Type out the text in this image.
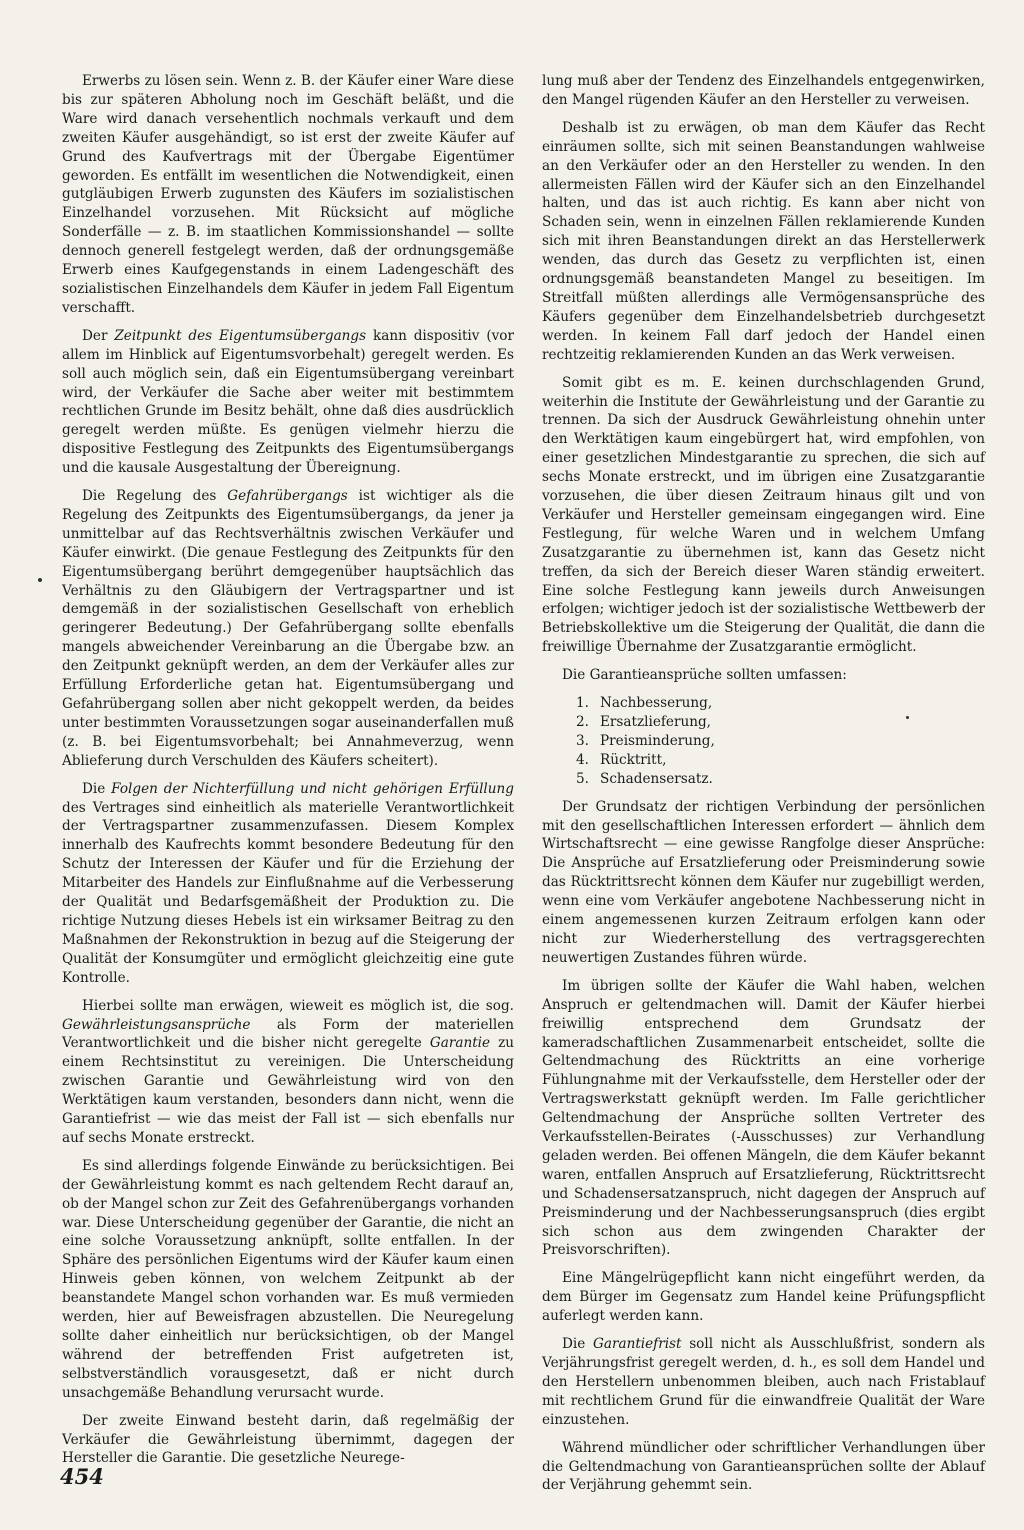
Erwerbs zu lösen sein. Wenn z. B. der Käufer einer Ware diese bis zur späteren Abholung noch im Geschäft beläßt, und die Ware wird danach versehentlich nochmals verkauft und dem zweiten Käufer ausgehändigt, so ist erst der zweite Käufer auf Grund des Kaufvertrags mit der Übergabe Eigentümer geworden. Es entfällt im wesentlichen die Notwendigkeit, einen gutgläubigen Erwerb zugunsten des Käufers im sozialistischen Einzelhandel vorzusehen. Mit Rücksicht auf mögliche Sonderfälle — z. B. im staatlichen Kommissionshandel — sollte dennoch generell festgelegt werden, daß der ordnungsgemäße Erwerb eines Kaufgegenstands in einem Ladengeschäft des sozialistischen Einzelhandels dem Käufer in jedem Fall Eigentum verschafft.

Der Zeitpunkt des Eigentumsübergangs kann dispositiv (vor allem im Hinblick auf Eigentumsvorbehalt) geregelt werden. Es soll auch möglich sein, daß ein Eigentumsübergang vereinbart wird, der Verkäufer die Sache aber weiter mit bestimmtem rechtlichen Grunde im Besitz behält, ohne daß dies ausdrücklich geregelt werden müßte. Es genügen vielmehr hierzu die dispositive Festlegung des Zeitpunkts des Eigentumsübergangs und die kausale Ausgestaltung der Übereignung.

Die Regelung des Gefahrübergangs ist wichtiger als die Regelung des Zeitpunkts des Eigentumsübergangs, da jener ja unmittelbar auf das Rechtsverhältnis zwischen Verkäufer und Käufer einwirkt. (Die genaue Festlegung des Zeitpunkts für den Eigentumsübergang berührt demgegenüber hauptsächlich das Verhältnis zu den Gläubigern der Vertragspartner und ist demgemäß in der sozialistischen Gesellschaft von erheblich geringerer Bedeutung.) Der Gefahrübergang sollte ebenfalls mangels abweichender Vereinbarung an die Übergabe bzw. an den Zeitpunkt geknüpft werden, an dem der Verkäufer alles zur Erfüllung Erforderliche getan hat. Eigentumsübergang und Gefahrübergang sollen aber nicht gekoppelt werden, da beides unter bestimmten Voraussetzungen sogar auseinanderfallen muß (z. B. bei Eigentumsvorbehalt; bei Annahmeverzug, wenn Ablieferung durch Verschulden des Käufers scheitert).

Die Folgen der Nichterfüllung und nicht gehörigen Erfüllung des Vertrages sind einheitlich als materielle Verantwortlichkeit der Vertragspartner zusammenzufassen. Diesem Komplex innerhalb des Kaufrechts kommt besondere Bedeutung für den Schutz der Interessen der Käufer und für die Erziehung der Mitarbeiter des Handels zur Einflußnahme auf die Verbesserung der Qualität und Bedarfsgemäßheit der Produktion zu. Die richtige Nutzung dieses Hebels ist ein wirksamer Beitrag zu den Maßnahmen der Rekonstruktion in bezug auf die Steigerung der Qualität der Konsumgüter und ermöglicht gleichzeitig eine gute Kontrolle.

Hierbei sollte man erwägen, wieweit es möglich ist, die sog. Gewährleistungsansprüche als Form der materiellen Verantwortlichkeit und die bisher nicht geregelte Garantie zu einem Rechtsinstitut zu vereinigen. Die Unterscheidung zwischen Garantie und Gewährleistung wird von den Werktätigen kaum verstanden, besonders dann nicht, wenn die Garantiefrist — wie das meist der Fall ist — sich ebenfalls nur auf sechs Monate erstreckt.

Es sind allerdings folgende Einwände zu berücksichtigen. Bei der Gewährleistung kommt es nach geltendem Recht darauf an, ob der Mangel schon zur Zeit des Gefahrenübergangs vorhanden war. Diese Unterscheidung gegenüber der Garantie, die nicht an eine solche Voraussetzung anknüpft, sollte entfallen. In der Sphäre des persönlichen Eigentums wird der Käufer kaum einen Hinweis geben können, von welchem Zeitpunkt ab der beanstandete Mangel schon vorhanden war. Es muß vermieden werden, hier auf Beweisfragen abzustellen. Die Neuregelung sollte daher einheitlich nur berücksichtigen, ob der Mangel während der betreffenden Frist aufgetreten ist, selbstverständlich vorausgesetzt, daß er nicht durch unsachgemäße Behandlung verursacht wurde.

Der zweite Einwand besteht darin, daß regelmäßig der Verkäufer die Gewährleistung übernimmt, dagegen der Hersteller die Garantie. Die gesetzliche Neurege-

lung muß aber der Tendenz des Einzelhandels entgegenwirken, den Mangel rügenden Käufer an den Hersteller zu verweisen.

Deshalb ist zu erwägen, ob man dem Käufer das Recht einräumen sollte, sich mit seinen Beanstandungen wahlweise an den Verkäufer oder an den Hersteller zu wenden. In den allermeisten Fällen wird der Käufer sich an den Einzelhandel halten, und das ist auch richtig. Es kann aber nicht von Schaden sein, wenn in einzelnen Fällen reklamierende Kunden sich mit ihren Beanstandungen direkt an das Herstellerwerk wenden, das durch das Gesetz zu verpflichten ist, einen ordnungsgemäß beanstandeten Mangel zu beseitigen. Im Streitfall müßten allerdings alle Vermögensansprüche des Käufers gegenüber dem Einzelhandelsbetrieb durchgesetzt werden. In keinem Fall darf jedoch der Handel einen rechtzeitig reklamierenden Kunden an das Werk verweisen.

Somit gibt es m. E. keinen durchschlagenden Grund, weiterhin die Institute der Gewährleistung und der Garantie zu trennen. Da sich der Ausdruck Gewährleistung ohnehin unter den Werktätigen kaum eingebürgert hat, wird empfohlen, von einer gesetzlichen Mindestgarantie zu sprechen, die sich auf sechs Monate erstreckt, und im übrigen eine Zusatzgarantie vorzusehen, die über diesen Zeitraum hinaus gilt und von Verkäufer und Hersteller gemeinsam eingegangen wird. Eine Festlegung, für welche Waren und in welchem Umfang Zusatzgarantie zu übernehmen ist, kann das Gesetz nicht treffen, da sich der Bereich dieser Waren ständig erweitert. Eine solche Festlegung kann jeweils durch Anweisungen erfolgen; wichtiger jedoch ist der sozialistische Wettbewerb der Betriebskollektive um die Steigerung der Qualität, die dann die freiwillige Übernahme der Zusatzgarantie ermöglicht.

Die Garantieansprüche sollten umfassen:

1. Nachbesserung,
2. Ersatzlieferung,
3. Preisminderung,
4. Rücktritt,
5. Schadensersatz.

Der Grundsatz der richtigen Verbindung der persönlichen mit den gesellschaftlichen Interessen erfordert — ähnlich dem Wirtschaftsrecht — eine gewisse Rangfolge dieser Ansprüche: Die Ansprüche auf Ersatzlieferung oder Preisminderung sowie das Rücktrittsrecht können dem Käufer nur zugebilligt werden, wenn eine vom Verkäufer angebotene Nachbesserung nicht in einem angemessenen kurzen Zeitraum erfolgen kann oder nicht zur Wiederherstellung des vertragsgerechten neuwertigen Zustandes führen würde.

Im übrigen sollte der Käufer die Wahl haben, welchen Anspruch er geltendmachen will. Damit der Käufer hierbei freiwillig entsprechend dem Grundsatz der kameradschaftlichen Zusammenarbeit entscheidet, sollte die Geltendmachung des Rücktritts an eine vorherige Fühlungnahme mit der Verkaufsstelle, dem Hersteller oder der Vertragswerkstatt geknüpft werden. Im Falle gerichtlicher Geltendmachung der Ansprüche sollten Vertreter des Verkaufsstellen-Beirates (-Ausschusses) zur Verhandlung geladen werden. Bei offenen Mängeln, die dem Käufer bekannt waren, entfallen Anspruch auf Ersatzlieferung, Rücktrittsrecht und Schadensersatzanspruch, nicht dagegen der Anspruch auf Preisminderung und der Nachbesserungsanspruch (dies ergibt sich schon aus dem zwingenden Charakter der Preisvorschriften).

Eine Mängelrügepflicht kann nicht eingeführt werden, da dem Bürger im Gegensatz zum Handel keine Prüfungspflicht auferlegt werden kann.

Die Garantiefrist soll nicht als Ausschlußfrist, sondern als Verjährungsfrist geregelt werden, d. h., es soll dem Handel und den Herstellern unbenommen bleiben, auch nach Fristablauf mit rechtlichem Grund für die einwandfreie Qualität der Ware einzustehen.

Während mündlicher oder schriftlicher Verhandlungen über die Geltendmachung von Garantieansprüchen sollte der Ablauf der Verjährung gehemmt sein.

454
